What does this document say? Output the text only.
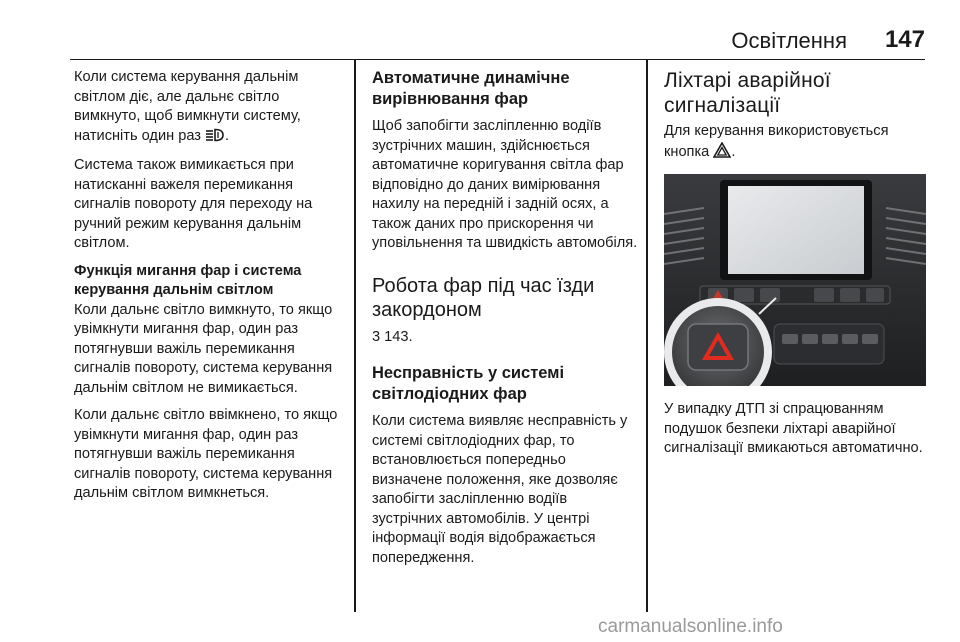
Освітлення 147

Коли система керування дальнім світлом діє, але дальнє світло вимкнуто, щоб вимкнути систему, натисніть один раз .

Система також вимикається при натисканні важеля перемикання сигналів повороту для переходу на ручний режим керування дальнім світлом.

Функція мигання фар і система керування дальнім світлом

Коли дальнє світло вимкнуто, то якщо увімкнути мигання фар, один раз потягнувши важіль перемикання сигналів повороту, система керування дальнім світлом не вимикається.

Коли дальнє світло ввімкнено, то якщо увімкнути мигання фар, один раз потягнувши важіль перемикання сигналів повороту, система керування дальнім світлом вимкнеться.

Автоматичне динамічне вирівнювання фар

Щоб запобігти засліпленню водіїв зустрічних машин, здійснюється автоматичне коригування світла фар відповідно до даних вимірювання нахилу на передній і задній осях, а також даних про прискорення чи уповільнення та швидкість автомобіля.

Робота фар під час їзди закордоном

3 143.

Несправність у системі світлодіодних фар

Коли система виявляє несправність у системі світлодіодних фар, то встановлюється попередньо визначене положення, яке дозволяє запобігти засліпленню водіїв зустрічних автомобілів. У центрі інформації водія відображається попередження.

Ліхтарі аварійної сигналізації

Для керування використовується кнопка .

У випадку ДТП зі спрацюванням подушок безпеки ліхтарі аварійної сигналізації вмикаються автоматично.

carmanualsonline.info
